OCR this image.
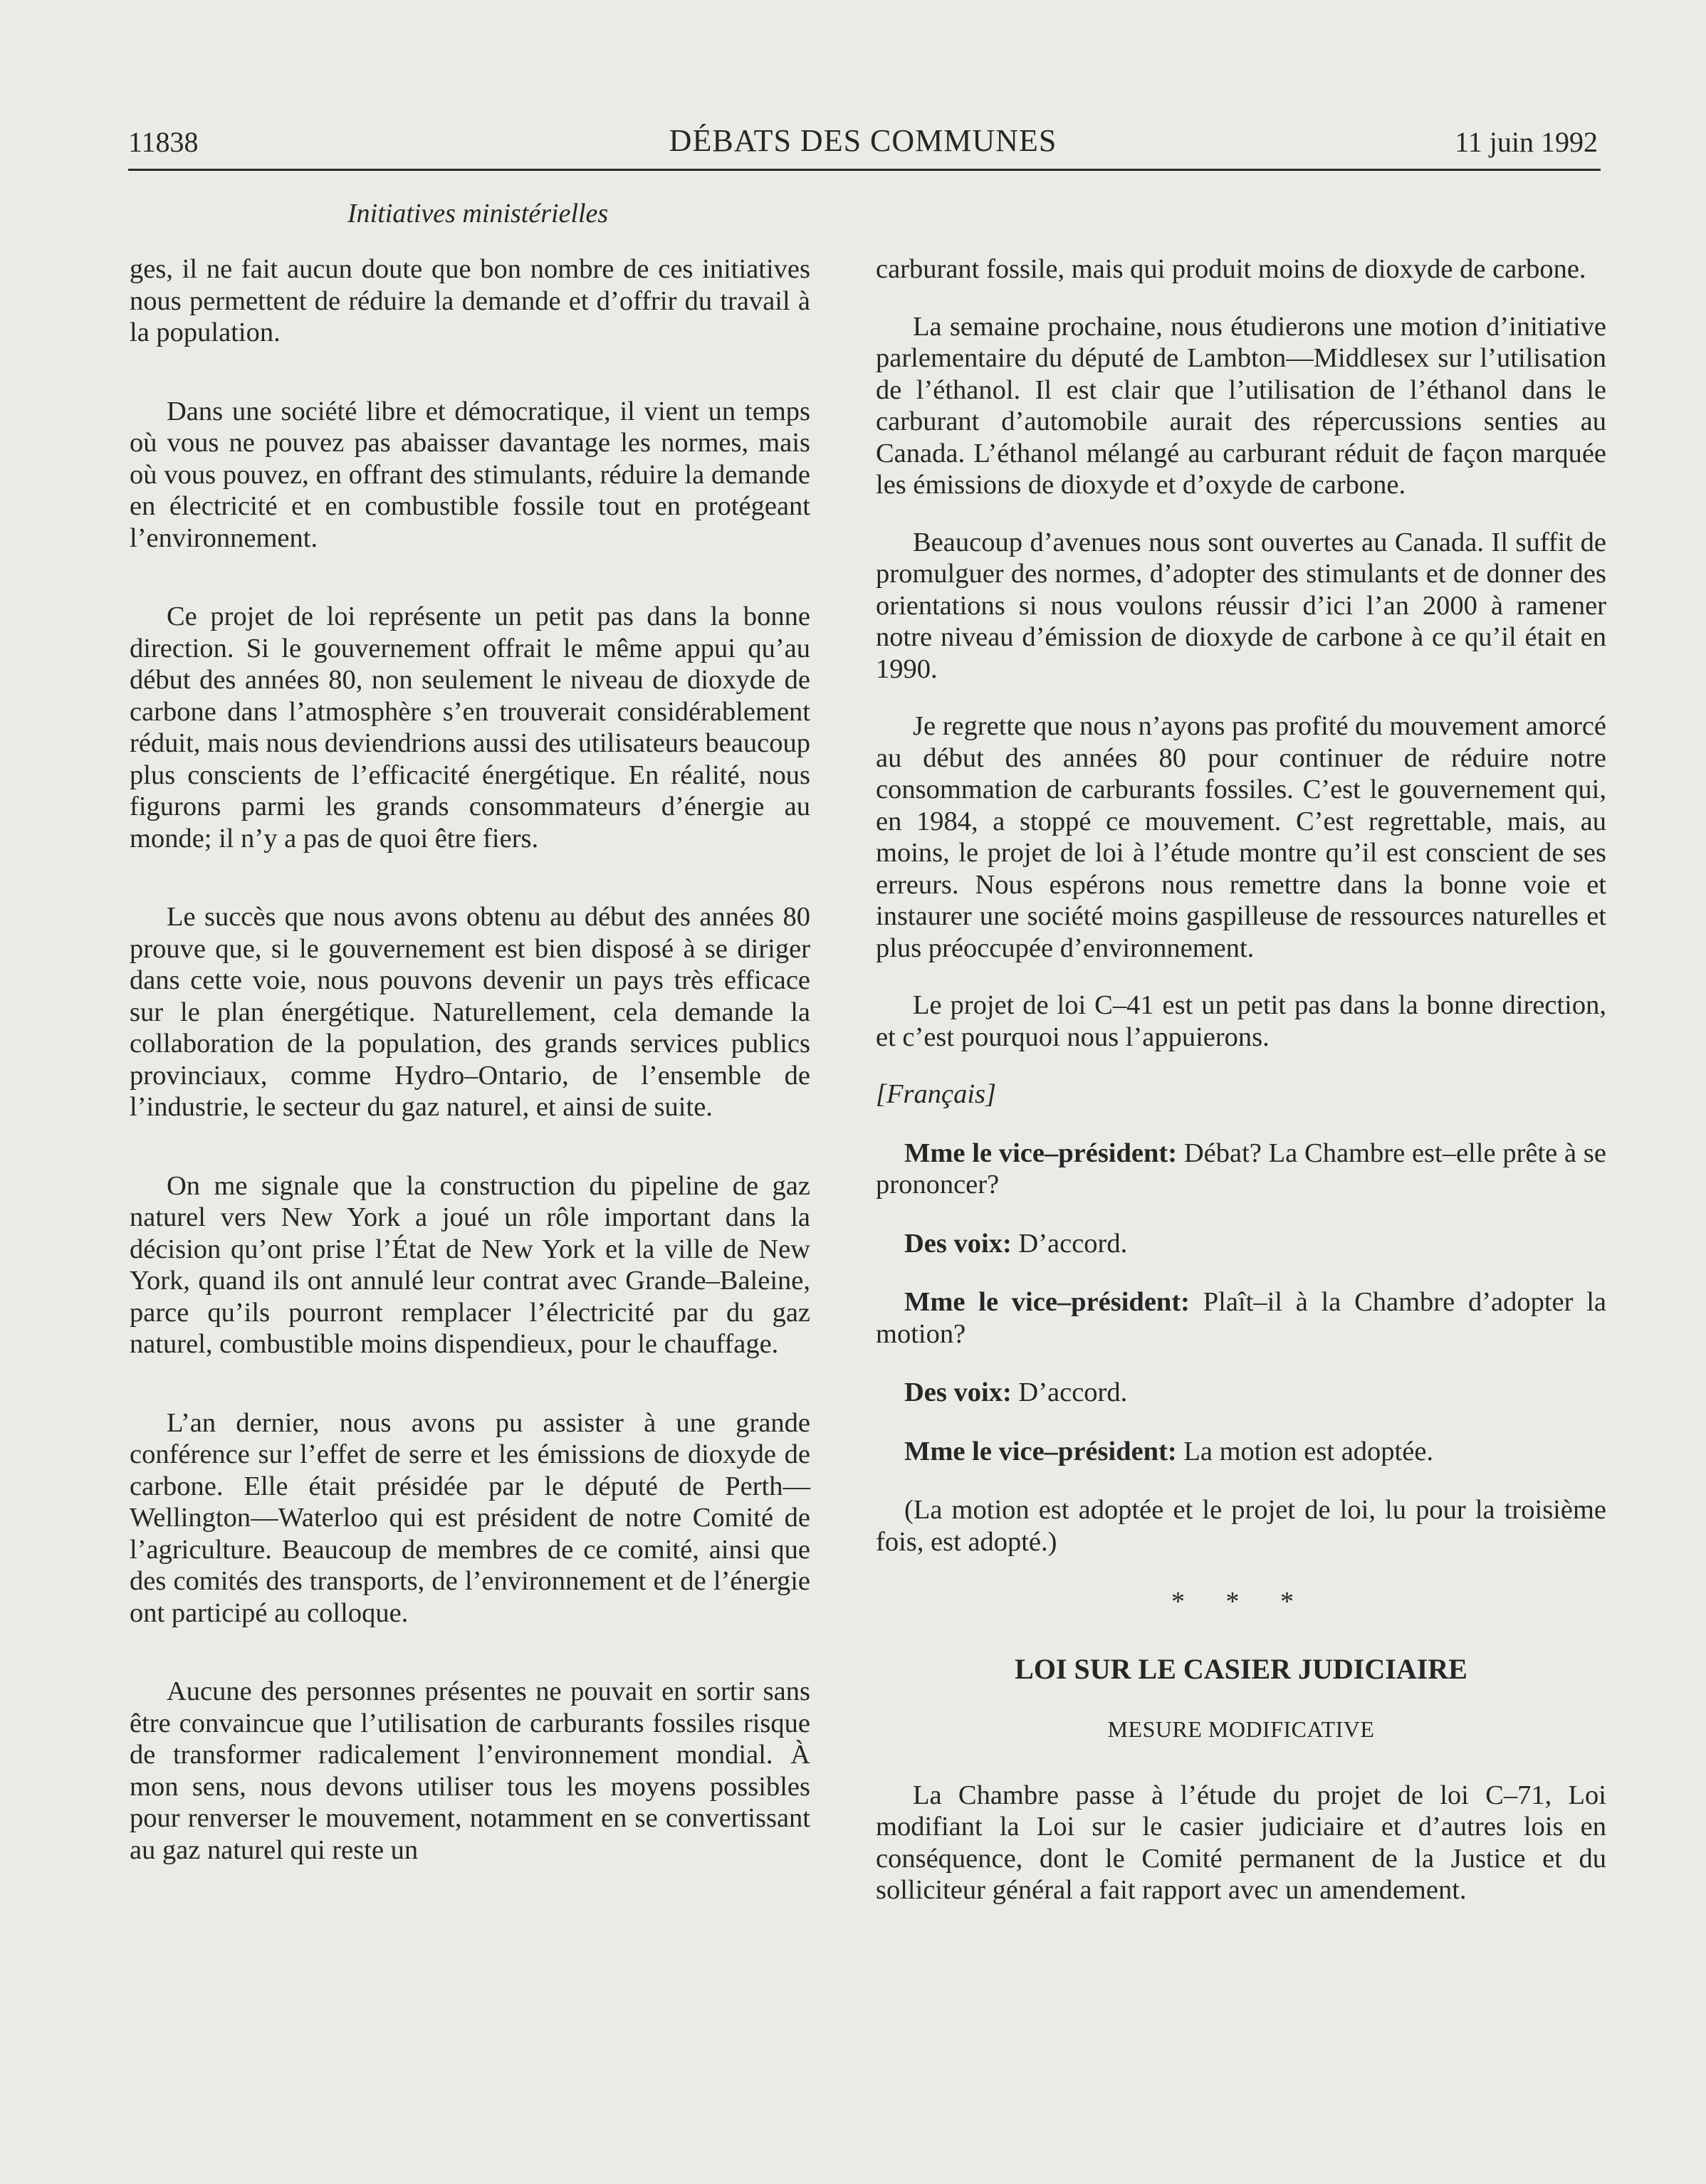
11838	DÉBATS DES COMMUNES	11 juin 1992
Initiatives ministérielles

ges, il ne fait aucun doute que bon nombre de ces initiatives nous permettent de réduire la demande et d’offrir du travail à la population.

Dans une société libre et démocratique, il vient un temps où vous ne pouvez pas abaisser davantage les normes, mais où vous pouvez, en offrant des stimulants, réduire la demande en électricité et en combustible fossile tout en protégeant l’environnement.

Ce projet de loi représente un petit pas dans la bonne direction. Si le gouvernement offrait le même appui qu’au début des années 80, non seulement le niveau de dioxyde de carbone dans l’atmosphère s’en trouverait considérablement réduit, mais nous deviendrions aussi des utilisateurs beaucoup plus conscients de l’efficacité énergétique. En réalité, nous figurons parmi les grands consommateurs d’énergie au monde; il n’y a pas de quoi être fiers.

Le succès que nous avons obtenu au début des années 80 prouve que, si le gouvernement est bien disposé à se diriger dans cette voie, nous pouvons devenir un pays très efficace sur le plan énergétique. Naturellement, cela demande la collaboration de la population, des grands services publics provinciaux, comme Hydro–Ontario, de l’ensemble de l’industrie, le secteur du gaz naturel, et ainsi de suite.

On me signale que la construction du pipeline de gaz naturel vers New York a joué un rôle important dans la décision qu’ont prise l’État de New York et la ville de New York, quand ils ont annulé leur contrat avec Grande–Baleine, parce qu’ils pourront remplacer l’électricité par du gaz naturel, combustible moins dispendieux, pour le chauffage.

L’an dernier, nous avons pu assister à une grande conférence sur l’effet de serre et les émissions de dioxyde de carbone. Elle était présidée par le député de Perth—Wellington—Waterloo qui est président de notre Comité de l’agriculture. Beaucoup de membres de ce comité, ainsi que des comités des transports, de l’environnement et de l’énergie ont participé au colloque.

Aucune des personnes présentes ne pouvait en sortir sans être convaincue que l’utilisation de carburants fossiles risque de transformer radicalement l’environnement mondial. À mon sens, nous devons utiliser tous les moyens possibles pour renverser le mouvement, notamment en se convertissant au gaz naturel qui reste un

carburant fossile, mais qui produit moins de dioxyde de carbone.

La semaine prochaine, nous étudierons une motion d’initiative parlementaire du député de Lambton—Middlesex sur l’utilisation de l’éthanol. Il est clair que l’utilisation de l’éthanol dans le carburant d’automobile aurait des répercussions senties au Canada. L’éthanol mélangé au carburant réduit de façon marquée les émissions de dioxyde et d’oxyde de carbone.

Beaucoup d’avenues nous sont ouvertes au Canada. Il suffit de promulguer des normes, d’adopter des stimulants et de donner des orientations si nous voulons réussir d’ici l’an 2000 à ramener notre niveau d’émission de dioxyde de carbone à ce qu’il était en 1990.

Je regrette que nous n’ayons pas profité du mouvement amorcé au début des années 80 pour continuer de réduire notre consommation de carburants fossiles. C’est le gouvernement qui, en 1984, a stoppé ce mouvement. C’est regrettable, mais, au moins, le projet de loi à l’étude montre qu’il est conscient de ses erreurs. Nous espérons nous remettre dans la bonne voie et instaurer une société moins gaspilleuse de ressources naturelles et plus préoccupée d’environnement.

Le projet de loi C–41 est un petit pas dans la bonne direction, et c’est pourquoi nous l’appuierons.

[Français]

Mme le vice–président: Débat? La Chambre est–elle prête à se prononcer?

Des voix: D’accord.

Mme le vice–président: Plaît–il à la Chambre d’adopter la motion?

Des voix: D’accord.

Mme le vice–président: La motion est adoptée.

(La motion est adoptée et le projet de loi, lu pour la troisième fois, est adopté.)

* * *
LOI SUR LE CASIER JUDICIAIRE
MESURE MODIFICATIVE

La Chambre passe à l’étude du projet de loi C–71, Loi modifiant la Loi sur le casier judiciaire et d’autres lois en conséquence, dont le Comité permanent de la Justice et du solliciteur général a fait rapport avec un amendement.
